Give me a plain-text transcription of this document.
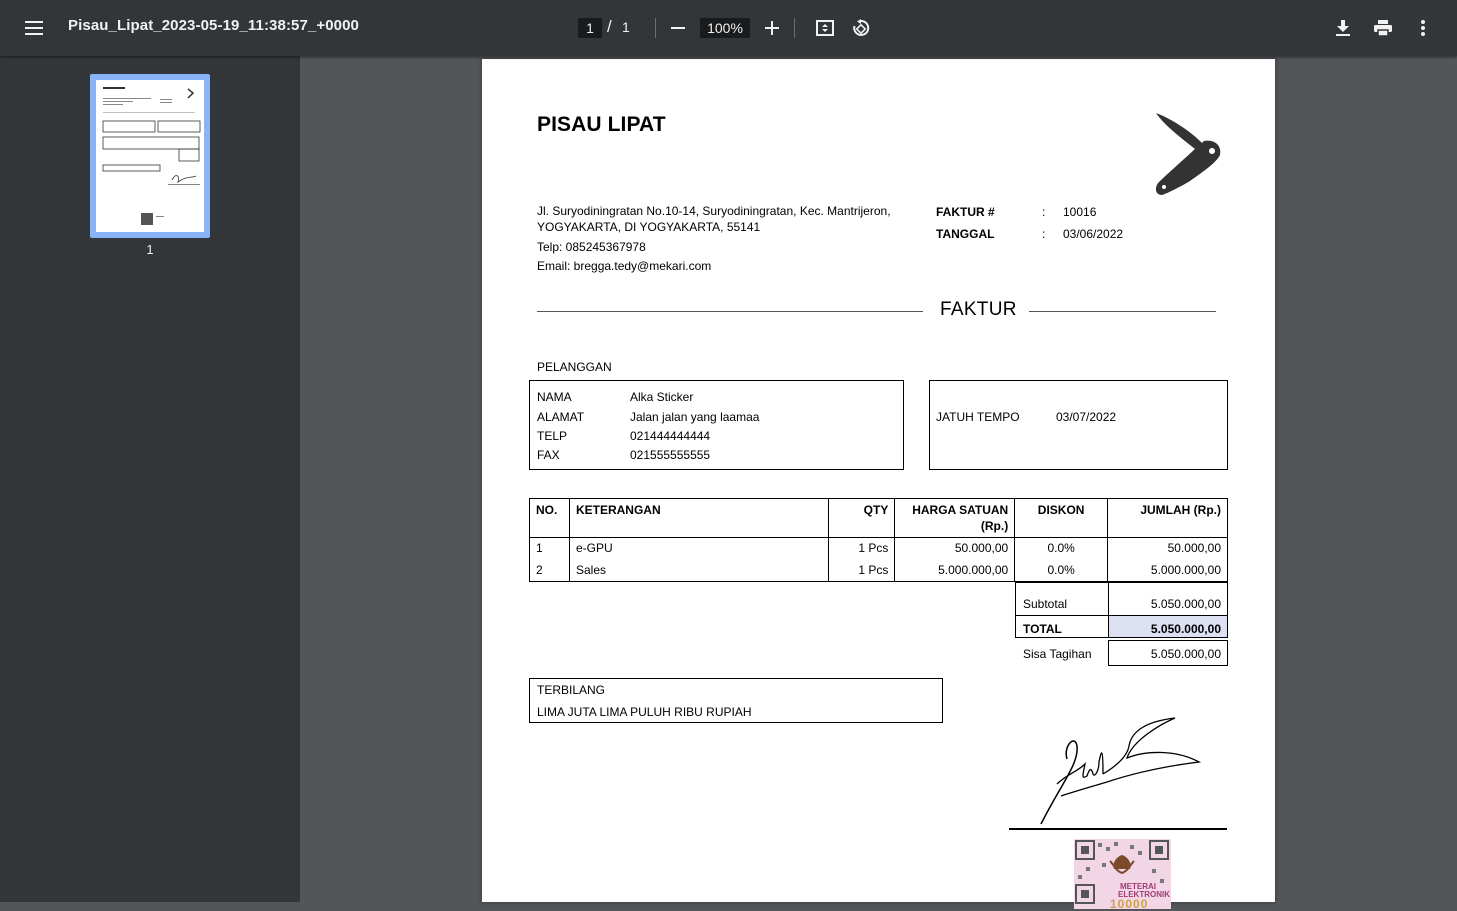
Pisau_Lipat_2023-05-19_11:38:57_+0000	1 / 1	100%
1
PISAU LIPAT
Jl. Suryodiningratan No.10-14, Suryodiningratan, Kec. Mantrijeron,
YOGYAKARTA, DI YOGYAKARTA, 55141
Telp: 085245367978
Email: bregga.tedy@mekari.com
FAKTUR #	: 10016
TANGGAL	: 03/06/2022
FAKTUR
PELANGGAN
NAMA	Alka Sticker
ALAMAT	Jalan jalan yang laamaa
TELP	021444444444
FAX	021555555555
JATUH TEMPO	03/07/2022
NO.	KETERANGAN	QTY	HARGA SATUAN (Rp.)	DISKON	JUMLAH (Rp.)
1	e-GPU	1 Pcs	50.000,00	0.0%	50.000,00
2	Sales	1 Pcs	5.000.000,00	0.0%	5.000.000,00
Subtotal	5.050.000,00
TOTAL	5.050.000,00
Sisa Tagihan	5.050.000,00
TERBILANG
LIMA JUTA LIMA PULUH RIBU RUPIAH
METERAI ELEKTRONIK
10000
